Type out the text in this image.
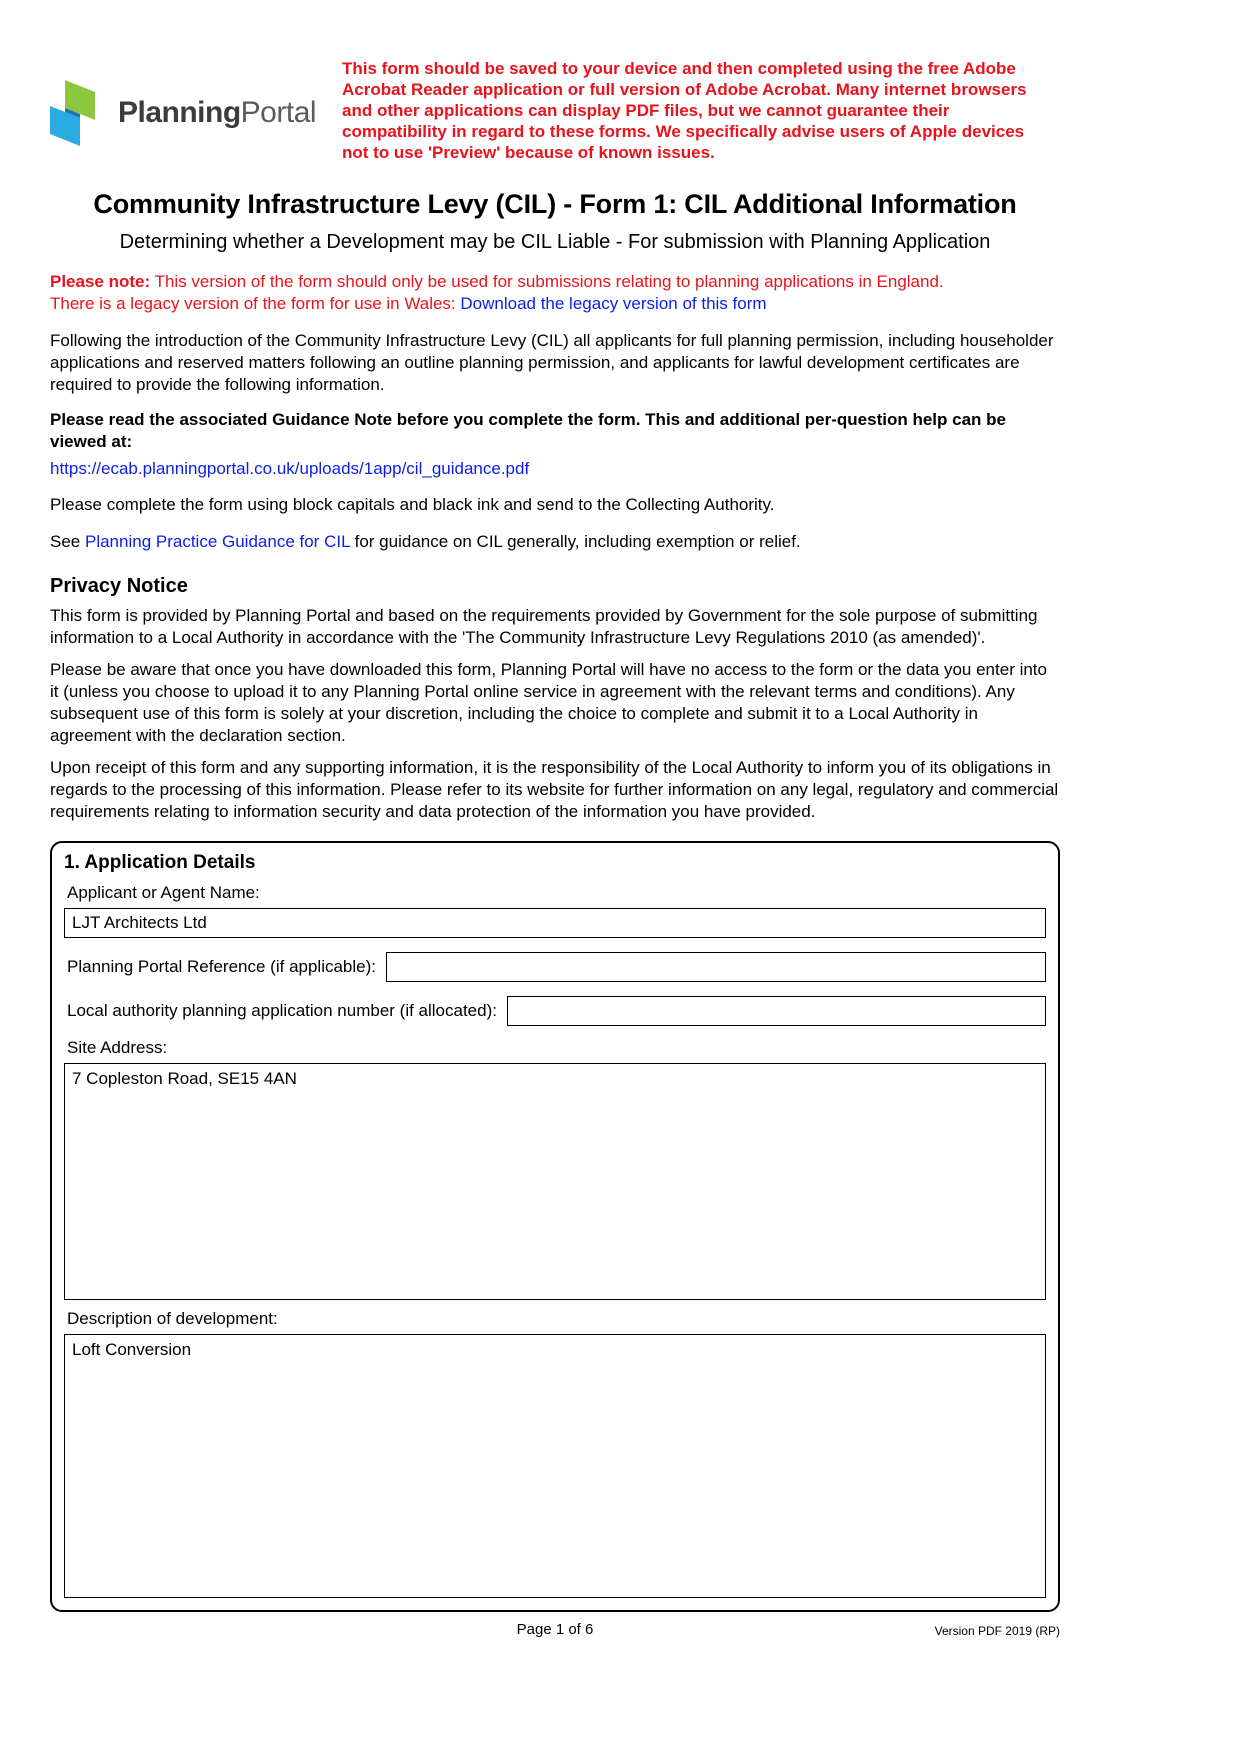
PlanningPortal
This form should be saved to your device and then completed using the free Adobe Acrobat Reader application or full version of Adobe Acrobat. Many internet browsers and other applications can display PDF files, but we cannot guarantee their compatibility in regard to these forms. We specifically advise users of Apple devices not to use 'Preview' because of known issues.
Community Infrastructure Levy (CIL) - Form 1: CIL Additional Information
Determining whether a Development may be CIL Liable - For submission with Planning Application
Please note: This version of the form should only be used for submissions relating to planning applications in England.
There is a legacy version of the form for use in Wales: Download the legacy version of this form

Following the introduction of the Community Infrastructure Levy (CIL) all applicants for full planning permission, including householder applications and reserved matters following an outline planning permission, and applicants for lawful development certificates are required to provide the following information.

Please read the associated Guidance Note before you complete the form. This and additional per-question help can be viewed at:

https://ecab.planningportal.co.uk/uploads/1app/cil_guidance.pdf

Please complete the form using block capitals and black ink and send to the Collecting Authority.

See Planning Practice Guidance for CIL for guidance on CIL generally, including exemption or relief.

Privacy Notice

This form is provided by Planning Portal and based on the requirements provided by Government for the sole purpose of submitting information to a Local Authority in accordance with the 'The Community Infrastructure Levy Regulations 2010 (as amended)'.

Please be aware that once you have downloaded this form, Planning Portal will have no access to the form or the data you enter into it (unless you choose to upload it to any Planning Portal online service in agreement with the relevant terms and conditions). Any subsequent use of this form is solely at your discretion, including the choice to complete and submit it to a Local Authority in agreement with the declaration section.

Upon receipt of this form and any supporting information, it is the responsibility of the Local Authority to inform you of its obligations in regards to the processing of this information. Please refer to its website for further information on any legal, regulatory and commercial requirements relating to information security and data protection of the information you have provided.

1. Application Details
Applicant or Agent Name:
LJT Architects Ltd
Planning Portal Reference (if applicable):
Local authority planning application number (if allocated):
Site Address:
7 Copleston Road, SE15 4AN
Description of development:
Loft Conversion
Page 1 of 6	Version PDF 2019 (RP)
